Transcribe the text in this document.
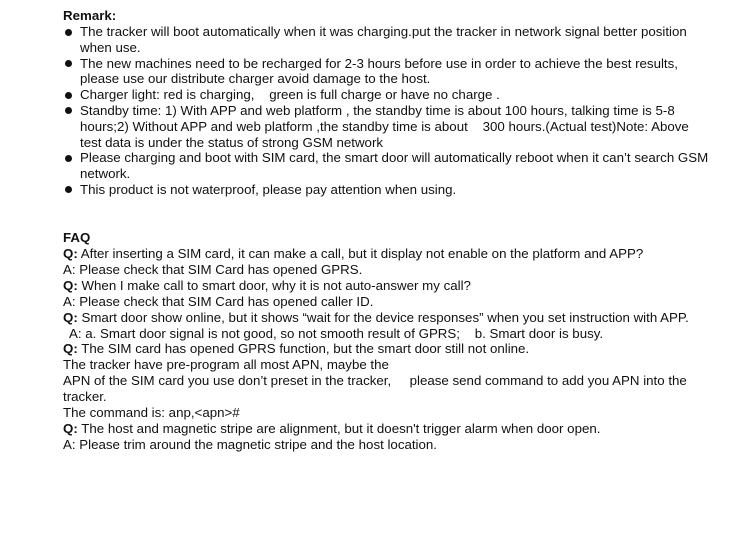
Remark:

The tracker will boot automatically when it was charging.put the tracker in network signal better position when use.
The new machines need to be recharged for 2-3 hours before use in order to achieve the best results, please use our distribute charger avoid damage to the host.
Charger light: red is charging,    green is full charge or have no charge .
Standby time: 1) With APP and web platform , the standby time is about 100 hours, talking time is 5-8 hours;2) Without APP and web platform ,the standby time is about    300 hours.(Actual test)Note: Above test data is under the status of strong GSM network
Please charging and boot with SIM card, the smart door will automatically reboot when it can’t search GSM network.
This product is not waterproof, please pay attention when using.

FAQ

Q: After inserting a SIM card, it can make a call, but it display not enable on the platform and APP?

A: Please check that SIM Card has opened GPRS.

Q: When I make call to smart door, why it is not auto-answer my call?

A: Please check that SIM Card has opened caller ID.

Q: Smart door show online, but it shows “wait for the device responses” when you set instruction with APP.

A: a. Smart door signal is not good, so not smooth result of GPRS;    b. Smart door is busy.

Q: The SIM card has opened GPRS function, but the smart door still not online.

The tracker have pre-program all most APN, maybe the

APN of the SIM card you use don’t preset in the tracker,     please send command to add you APN into the tracker.

The command is: anp,<apn>#

Q: The host and magnetic stripe are alignment, but it doesn't trigger alarm when door open.

A: Please trim around the magnetic stripe and the host location.
